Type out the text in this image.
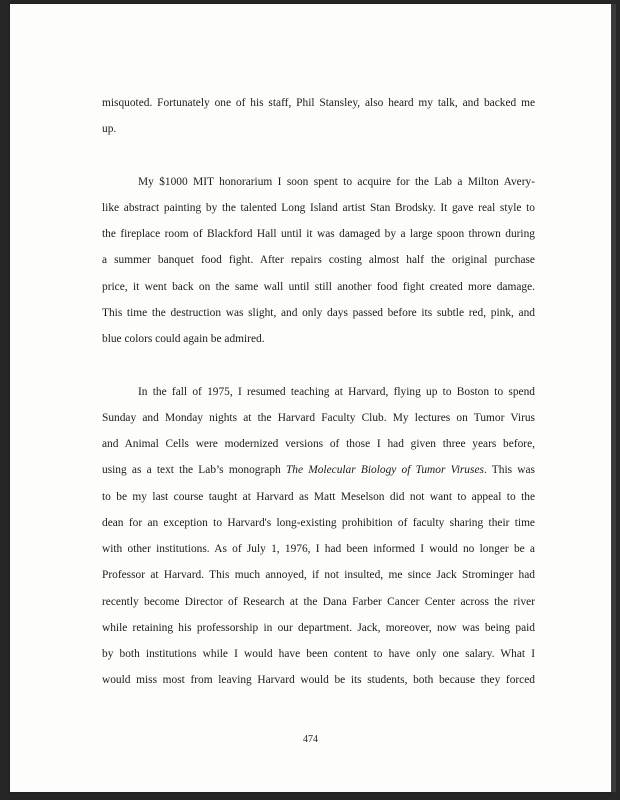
misquoted. Fortunately one of his staff, Phil Stansley, also heard my talk, and backed me
up.
My $1000 MIT honorarium I soon spent to acquire for the Lab a Milton Avery-
like abstract painting by the talented Long Island artist Stan Brodsky. It gave real style to
the fireplace room of Blackford Hall until it was damaged by a large spoon thrown during
a summer banquet food fight. After repairs costing almost half the original purchase
price, it went back on the same wall until still another food fight created more damage.
This time the destruction was slight, and only days passed before its subtle red, pink, and
blue colors could again be admired.
In the fall of 1975, I resumed teaching at Harvard, flying up to Boston to spend
Sunday and Monday nights at the Harvard Faculty Club. My lectures on Tumor Virus
and Animal Cells were modernized versions of those I had given three years before,
using as a text the Lab’s monograph The Molecular Biology of Tumor Viruses. This was
to be my last course taught at Harvard as Matt Meselson did not want to appeal to the
dean for an exception to Harvard's long-existing prohibition of faculty sharing their time
with other institutions. As of July 1, 1976, I had been informed I would no longer be a
Professor at Harvard. This much annoyed, if not insulted, me since Jack Strominger had
recently become Director of Research at the Dana Farber Cancer Center across the river
while retaining his professorship in our department. Jack, moreover, now was being paid
by both institutions while I would have been content to have only one salary. What I
would miss most from leaving Harvard would be its students, both because they forced
474
